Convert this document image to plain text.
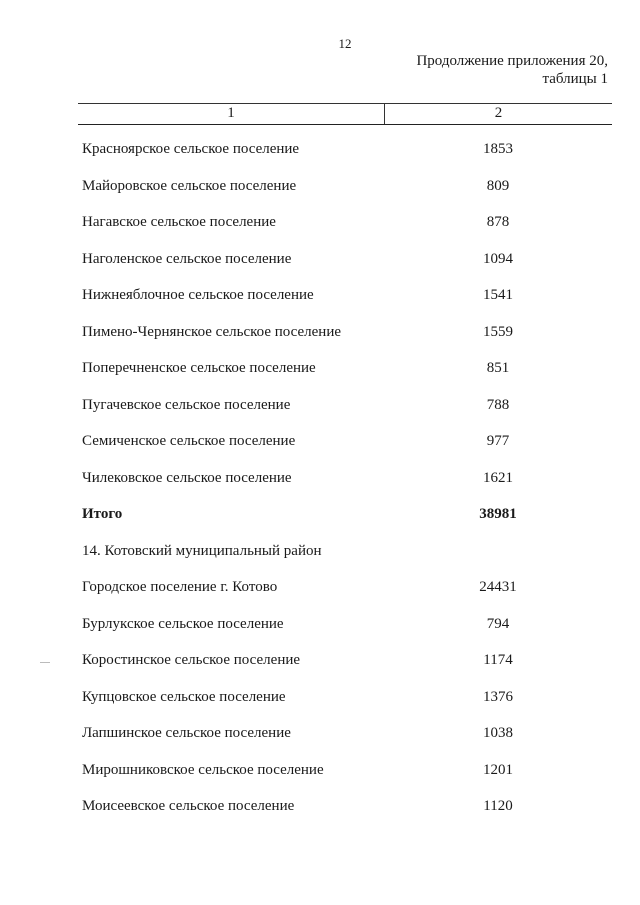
12
Продолжение приложения 20,
таблицы 1
1	2
Красноярское сельское поселение	1853
Майоровское сельское поселение	809
Нагавское сельское поселение	878
Наголенское сельское поселение	1094
Нижнеяблочное сельское поселение	1541
Пимено-Чернянское сельское поселение	1559
Поперечненское сельское поселение	851
Пугачевское сельское поселение	788
Семиченское сельское поселение	977
Чилековское сельское поселение	1621
Итого	38981
14. Котовский муниципальный район
Городское поселение г. Котово	24431
Бурлукское сельское поселение	794
Коростинское сельское поселение	1174
Купцовское сельское поселение	1376
Лапшинское сельское поселение	1038
Мирошниковское сельское поселение	1201
Моисеевское сельское поселение	1120
